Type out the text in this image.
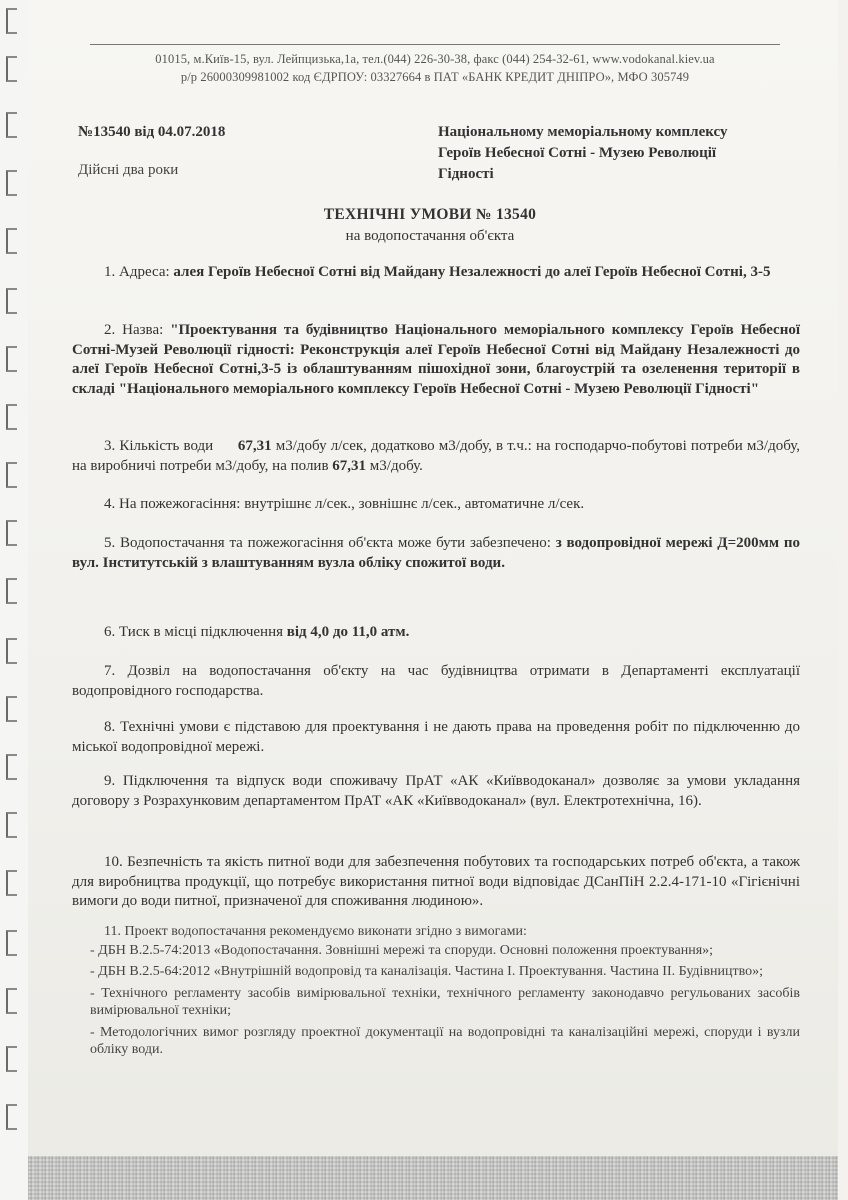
01015, м.Київ-15, вул. Лейпцизька,1а, тел.(044) 226-30-38, факс (044) 254-32-61, www.vodokanal.kiev.ua
р/р 26000309981002 код ЄДРПОУ: 03327664 в ПАТ «БАНК КРЕДИТ ДНІПРО», МФО 305749
№13540 від 04.07.2018
Дійсні два роки
Національному меморіальному комплексу
Героїв Небесної Сотні - Музею Революції
Гідності
ТЕХНІЧНІ УМОВИ № 13540
на водопостачання об'єкта
1. Адреса: алея Героїв Небесної Сотні від Майдану Незалежності до алеї Героїв Небесної Сотні, 3-5
2. Назва: "Проектування та будівництво Національного меморіального комплексу Героїв Небесної Сотні-Музей Революції гідності: Реконструкція алеї Героїв Небесної Сотні від Майдану Незалежності до алеї Героїв Небесної Сотні,3-5 із облаштуванням пішохідної зони, благоустрій та озеленення території в складі "Національного меморіального комплексу Героїв Небесної Сотні - Музею Революції Гідності"
3. Кількість води 67,31 м3/добу л/сек, додатково м3/добу, в т.ч.: на господарчо-побутові потреби м3/добу, на виробничі потреби м3/добу, на полив 67,31 м3/добу.
4. На пожежогасіння: внутрішнє л/сек., зовнішнє л/сек., автоматичне л/сек.
5. Водопостачання та пожежогасіння об'єкта може бути забезпечено: з водопровідної мережі Д=200мм по вул. Інститутській з влаштуванням вузла обліку спожитої води.
6. Тиск в місці підключення від 4,0 до 11,0 атм.
7. Дозвіл на водопостачання об'єкту на час будівництва отримати в Департаменті експлуатації водопровідного господарства.
8. Технічні умови є підставою для проектування і не дають права на проведення робіт по підключенню до міської водопровідної мережі.
9. Підключення та відпуск води споживачу ПрАТ «АК «Київводоканал» дозволяє за умови укладання договору з Розрахунковим департаментом ПрАТ «АК «Київводоканал» (вул. Електротехнічна, 16).
10. Безпечність та якість питної води для забезпечення побутових та господарських потреб об'єкта, а також для виробництва продукції, що потребує використання питної води відповідає ДСанПіН 2.2.4-171-10 «Гігієнічні вимоги до води питної, призначеної для споживання людиною».
11. Проект водопостачання рекомендуємо виконати згідно з вимогами:
- ДБН В.2.5-74:2013 «Водопостачання. Зовнішні мережі та споруди. Основні положення проектування»;
- ДБН В.2.5-64:2012 «Внутрішній водопровід та каналізація. Частина I. Проектування. Частина II. Будівництво»;
- Технічного регламенту засобів вимірювальної техніки, технічного регламенту законодавчо регульованих засобів вимірювальної техніки;
- Методологічних вимог розгляду проектної документації на водопровідні та каналізаційні мережі, споруди і вузли обліку води.
